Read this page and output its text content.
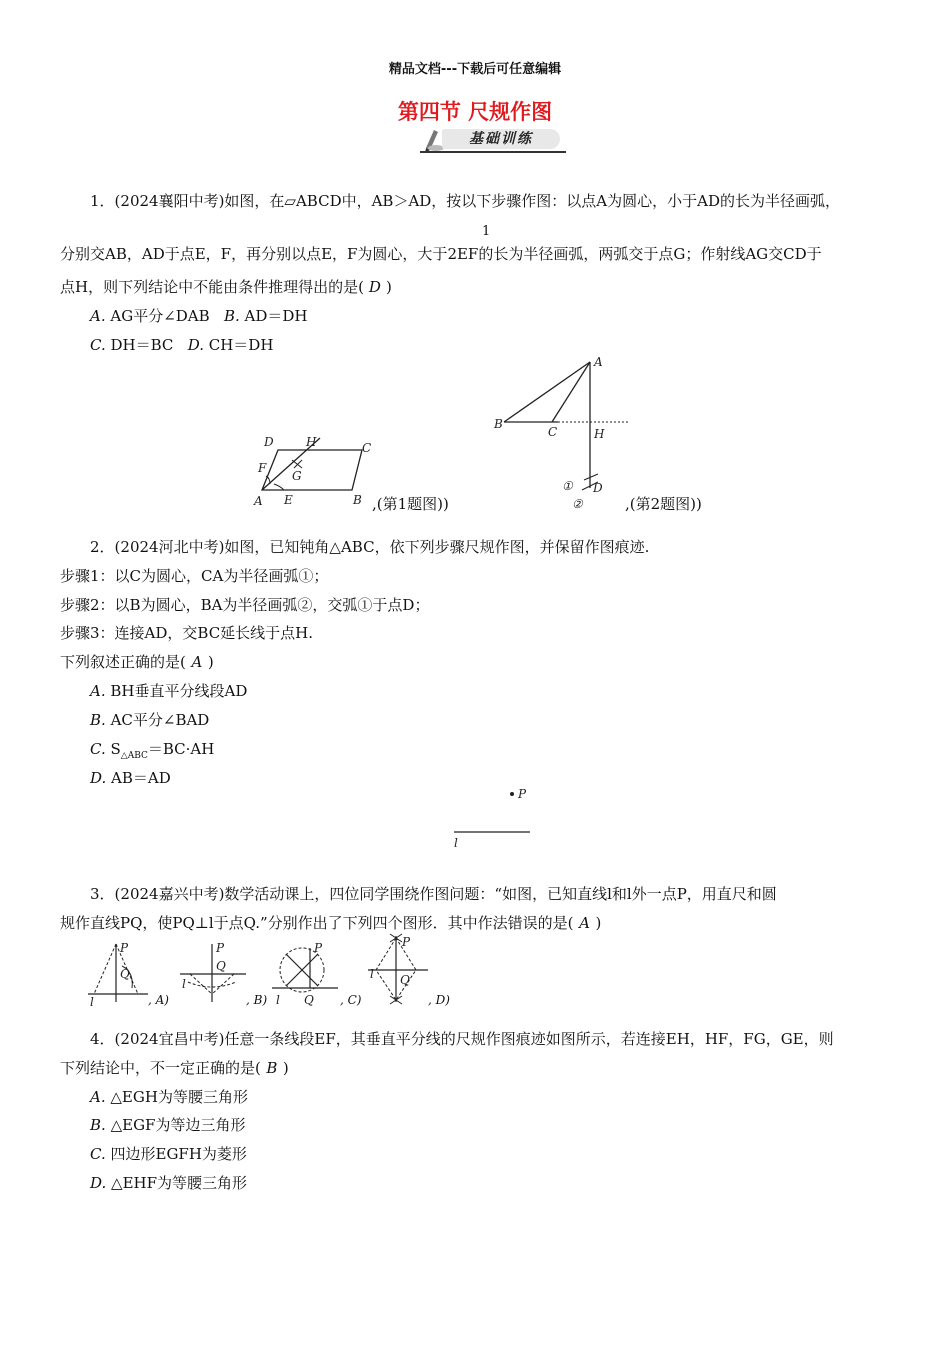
精品文档---下载后可任意编辑
第四节 尺规作图
基础训练
1．(2024襄阳中考)如图，在▱ABCD中，AB＞AD，按以下步骤作图：以点A为圆心，小于AD的长为半径画弧，
1
分别交AB，AD于点E，F，再分别以点E，F为圆心，大于2EF的长为半径画弧，两弧交于点G；作射线AG交CD于
点H，则下列结论中不能由条件推理得出的是( D )
A. AG平分∠DAB B. AD＝DH
C. DH＝BC D. CH＝DH
D	H	C
F
G
A E	B ,(第1题图))
A
B
C	H
① D
②	,(第2题图))
2．(2024河北中考)如图，已知钝角△ABC，依下列步骤尺规作图，并保留作图痕迹.
步骤1：以C为圆心，CA为半径画弧①；
步骤2：以B为圆心，BA为半径画弧②，交弧①于点D；
步骤3：连接AD，交BC延长线于点H.
下列叙述正确的是( A )
A. BH垂直平分线段AD
B. AC平分∠BAD
C. $S_{\triangle ABC}=BC\cdot AH$
D. AB＝AD
P
l
3．(2024嘉兴中考)数学活动课上，四位同学围绕作图问题：“如图，已知直线l和l外一点P，用直尺和圆
规作直线PQ，使PQ⊥l于点Q.”分别作出了下列四个图形．其中作法错误的是( A )
P
Q
l	, A)
P
Q
l
, B)
P
Q
l	, C)
P
Q
l
, D)
4．(2024宜昌中考)任意一条线段EF，其垂直平分线的尺规作图痕迹如图所示，若连接EH，HF，FG，GE，则
下列结论中，不一定正确的是( B )
A. △EGH为等腰三角形
B. △EGF为等边三角形
C. 四边形EGFH为菱形
D. △EHF为等腰三角形
